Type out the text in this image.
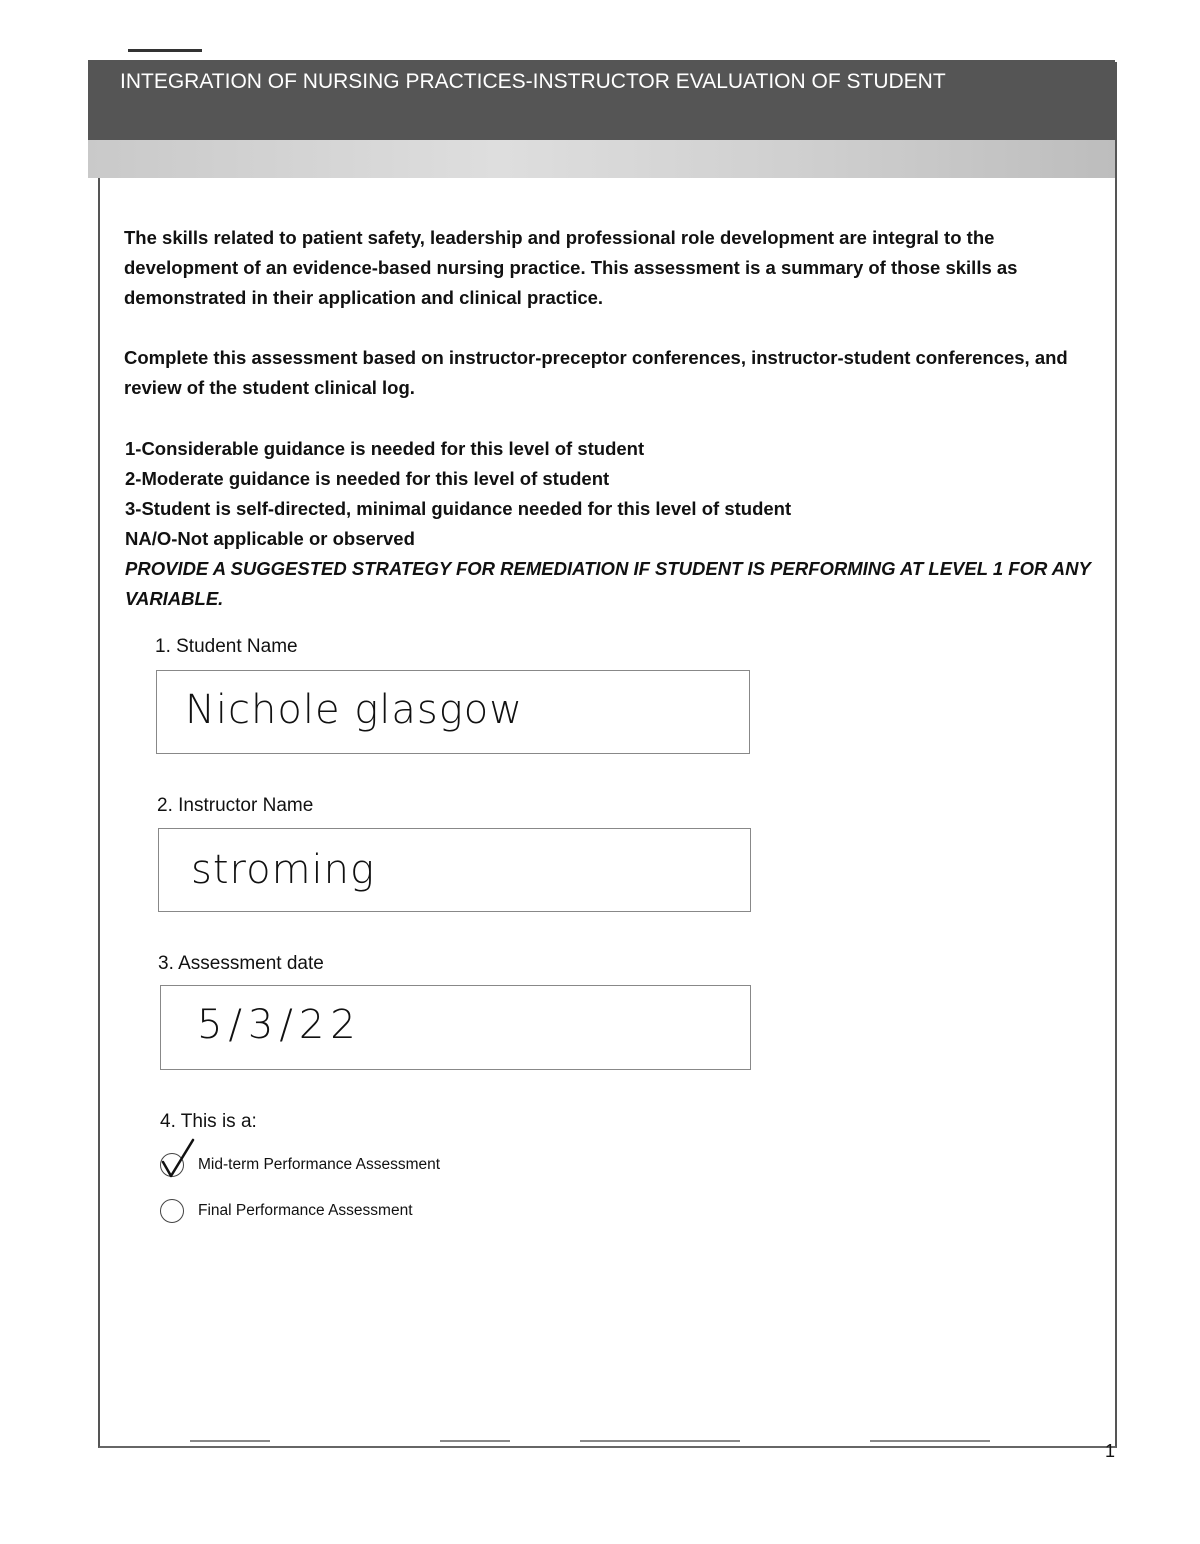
INTEGRATION OF NURSING PRACTICES-INSTRUCTOR EVALUATION OF STUDENT
The skills related to patient safety, leadership and professional role development are integral to the development of an evidence-based nursing practice. This assessment is a summary of those skills as demonstrated in their application and clinical practice.
Complete this assessment based on instructor-preceptor conferences, instructor-student conferences, and review of the student clinical log.
1-Considerable guidance is needed for this level of student
2-Moderate guidance is needed for this level of student
3-Student is self-directed, minimal guidance needed for this level of student
NA/O-Not applicable or observed
PROVIDE A SUGGESTED STRATEGY FOR REMEDIATION IF STUDENT IS PERFORMING AT LEVEL 1 FOR ANY VARIABLE.
1. Student Name
Nichole glasgow
2. Instructor Name
stroming
3. Assessment date
5/3/22
4. This is a:
Mid-term Performance Assessment
Final Performance Assessment
1
